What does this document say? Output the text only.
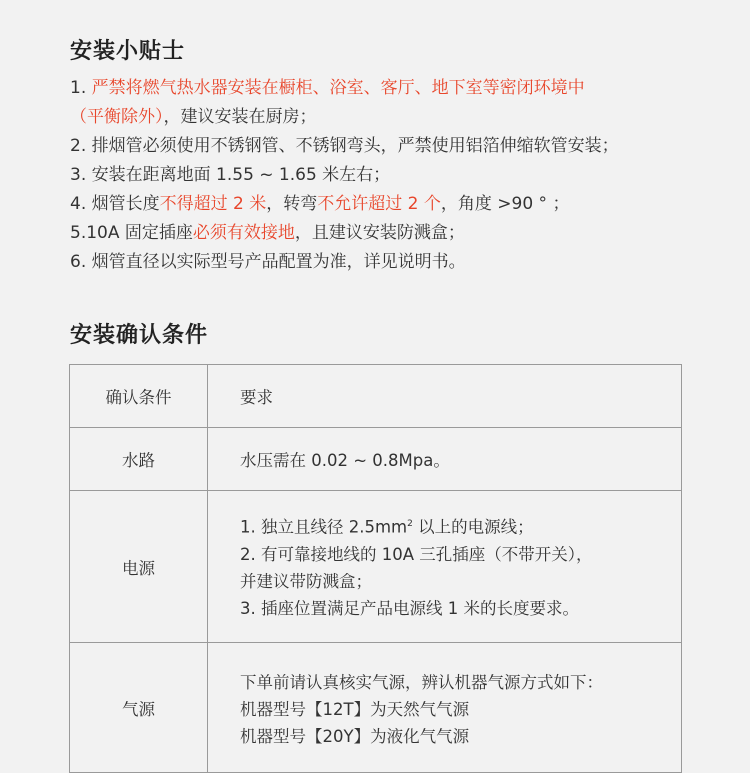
安装小贴士
1. 严禁将燃气热水器安装在橱柜、浴室、客厅、地下室等密闭环境中
（平衡除外），建议安装在厨房；
2. 排烟管必须使用不锈钢管、不锈钢弯头，严禁使用铝箔伸缩软管安装；
3. 安装在距离地面 1.55 ~ 1.65 米左右；
4. 烟管长度不得超过 2 米，转弯不允许超过 2 个，角度 >90 ° ；
5.10A 固定插座必须有效接地，且建议安装防溅盒；
6. 烟管直径以实际型号产品配置为准，详见说明书。
安装确认条件
确认条件	要求
水路	水压需在 0.02 ~ 0.8Mpa。
电源	1. 独立且线径 $2.5mm^2$ 以上的电源线；
2. 有可靠接地线的 10A 三孔插座（不带开关），
并建议带防溅盒；
3. 插座位置满足产品电源线 1 米的长度要求。

气源	下单前请认真核实气源，辨认机器气源方式如下：
机器型号【12T】为天然气气源
机器型号【20Y】为液化气气源
